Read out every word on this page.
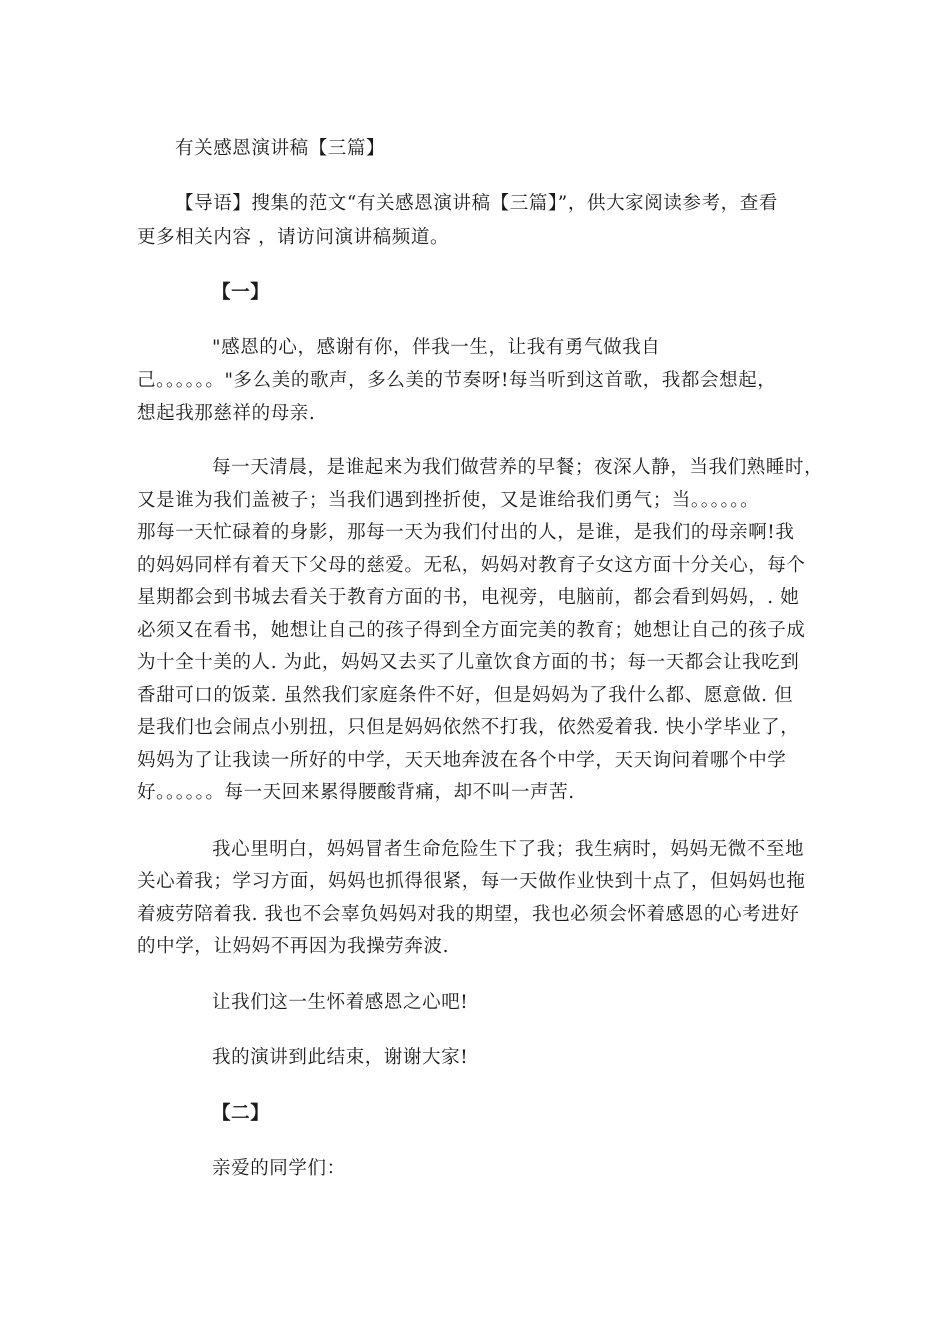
有关感恩演讲稿【三篇】
【导语】搜集的范文“有关感恩演讲稿【三篇】”，供大家阅读参考，查看
更多相关内容 ，请访问演讲稿频道。
【一】
"感恩的心，感谢有你，伴我一生，让我有勇气做我自
己。。。。。。"多么美的歌声，多么美的节奏呀!每当听到这首歌，我都会想起，
想起我那慈祥的母亲.
每一天清晨，是谁起来为我们做营养的早餐；夜深人静，当我们熟睡时，
又是谁为我们盖被子；当我们遇到挫折使，又是谁给我们勇气；当。。。。。。
那每一天忙碌着的身影，那每一天为我们付出的人，是谁，是我们的母亲啊!我
的妈妈同样有着天下父母的慈爱。无私，妈妈对教育子女这方面十分关心，每个
星期都会到书城去看关于教育方面的书，电视旁，电脑前，都会看到妈妈，. 她
必须又在看书，她想让自己的孩子得到全方面完美的教育；她想让自己的孩子成
为十全十美的人. 为此，妈妈又去买了儿童饮食方面的书；每一天都会让我吃到
香甜可口的饭菜. 虽然我们家庭条件不好，但是妈妈为了我什么都、愿意做. 但
是我们也会闹点小别扭，只但是妈妈依然不打我，依然爱着我. 快小学毕业了，
妈妈为了让我读一所好的中学，天天地奔波在各个中学，天天询问着哪个中学
好。。。。。。每一天回来累得腰酸背痛，却不叫一声苦.
我心里明白，妈妈冒者生命危险生下了我；我生病时，妈妈无微不至地
关心着我；学习方面，妈妈也抓得很紧，每一天做作业快到十点了，但妈妈也拖
着疲劳陪着我. 我也不会辜负妈妈对我的期望，我也必须会怀着感恩的心考进好
的中学，让妈妈不再因为我操劳奔波.
让我们这一生怀着感恩之心吧!
我的演讲到此结束，谢谢大家!
【二】
亲爱的同学们：
